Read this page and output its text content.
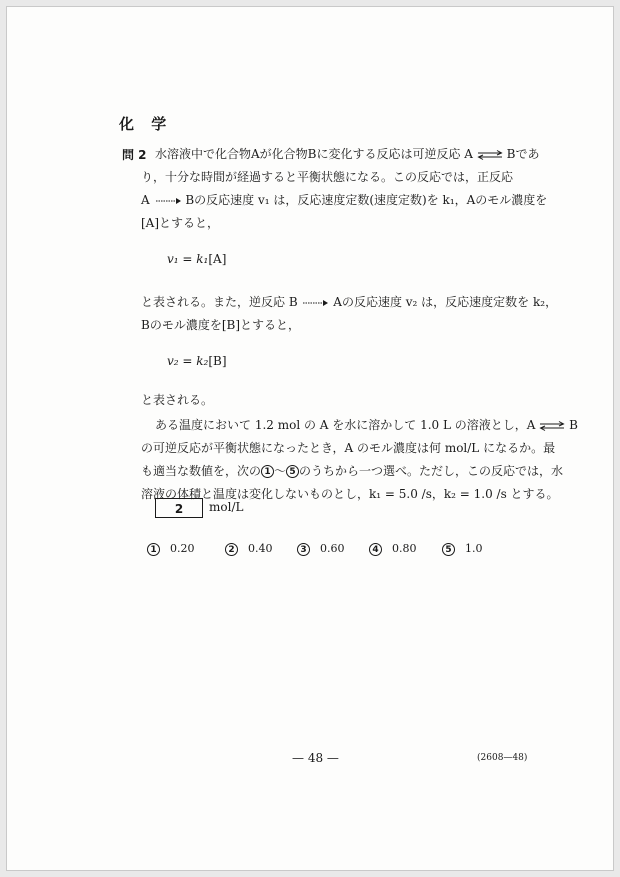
化 学
問 2 水溶液中で化合物Aが化合物Bに変化する反応は可逆反応 A ⇌ Bであ
り，十分な時間が経過すると平衡状態になる。この反応では，正反応
A	Bの反応速度 v₁ は，反応速度定数(速度定数)を k₁，Aのモル濃度を
[A]とすると，
v₁ = k₁[A]
と表される。また，逆反応 B	Aの反応速度 v₂ は，反応速度定数を k₂，
Bのモル濃度を[B]とすると，
v₂ = k₂[B]
と表される。
ある温度において 1.2 mol の A を水に溶かして 1.0 L の溶液とし，A ⇌ B
の可逆反応が平衡状態になったとき，A のモル濃度は何 mol/L になるか。最
も適当な数値を，次の 1 ～ 5 のうちから一つ選べ。ただし，この反応では，水
溶液の体積と温度は変化しないものとし，k₁ = 5.0 /s，k₂ = 1.0 /s とする。
2	mol/L
1 0.20	2 0.40	3 0.60	4 0.80	5 1.0
— 48 —	(2608—48)
